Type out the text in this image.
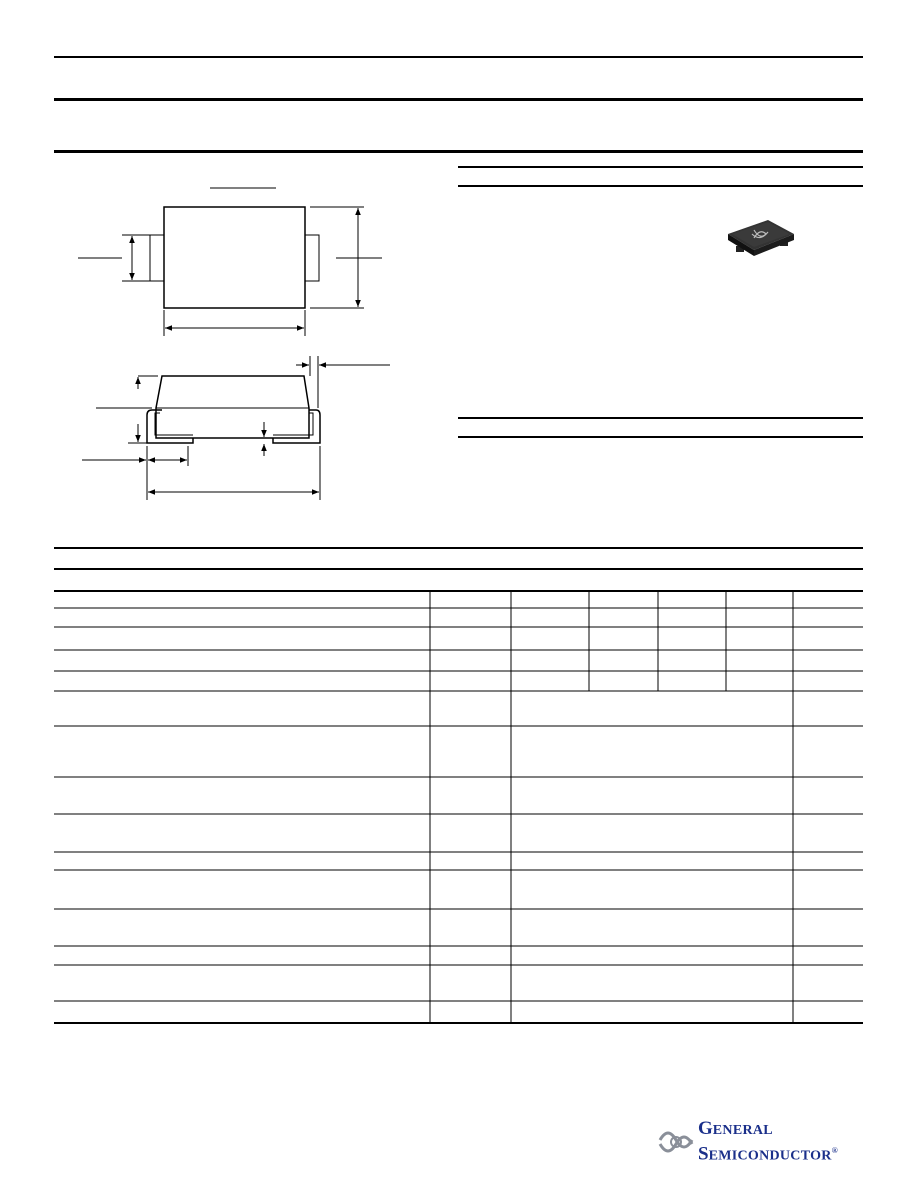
GENERAL
SEMICONDUCTOR®
